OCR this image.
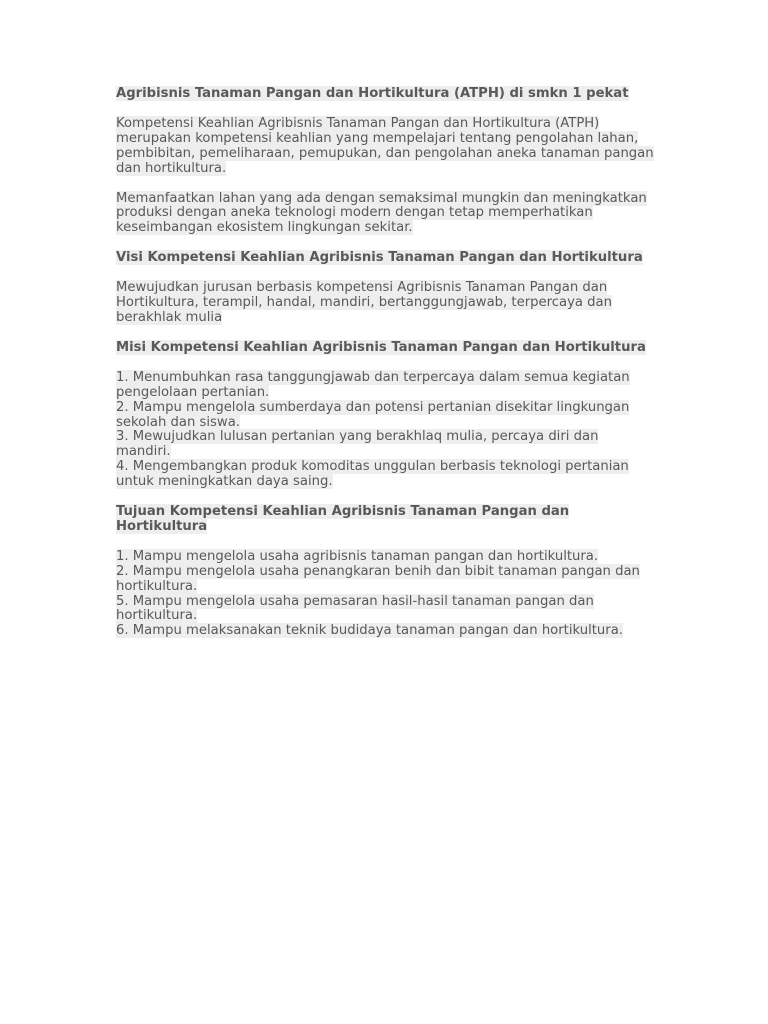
Agribisnis Tanaman Pangan dan Hortikultura (ATPH) di smkn 1 pekat

Kompetensi Keahlian Agribisnis Tanaman Pangan dan Hortikultura (ATPH) merupakan kompetensi keahlian yang mempelajari tentang pengolahan lahan, pembibitan, pemeliharaan, pemupukan, dan pengolahan aneka tanaman pangan dan hortikultura.

Memanfaatkan lahan yang ada dengan semaksimal mungkin dan meningkatkan produksi dengan aneka teknologi modern dengan tetap memperhatikan keseimbangan ekosistem lingkungan sekitar.

Visi Kompetensi Keahlian Agribisnis Tanaman Pangan dan Hortikultura

Mewujudkan jurusan berbasis kompetensi Agribisnis Tanaman Pangan dan Hortikultura, terampil, handal, mandiri, bertanggungjawab, terpercaya dan berakhlak mulia

Misi Kompetensi Keahlian Agribisnis Tanaman Pangan dan Hortikultura

1. Menumbuhkan rasa tanggungjawab dan terpercaya dalam semua kegiatan pengelolaan pertanian.
2. Mampu mengelola sumberdaya dan potensi pertanian disekitar lingkungan sekolah dan siswa.
3. Mewujudkan lulusan pertanian yang berakhlaq mulia, percaya diri dan mandiri.
4. Mengembangkan produk komoditas unggulan berbasis teknologi pertanian untuk meningkatkan daya saing.

Tujuan Kompetensi Keahlian Agribisnis Tanaman Pangan dan Hortikultura

1. Mampu mengelola usaha agribisnis tanaman pangan dan hortikultura.
2. Mampu mengelola usaha penangkaran benih dan bibit tanaman pangan dan hortikultura.
5. Mampu mengelola usaha pemasaran hasil-hasil tanaman pangan dan hortikultura.
6. Mampu melaksanakan teknik budidaya tanaman pangan dan hortikultura.
